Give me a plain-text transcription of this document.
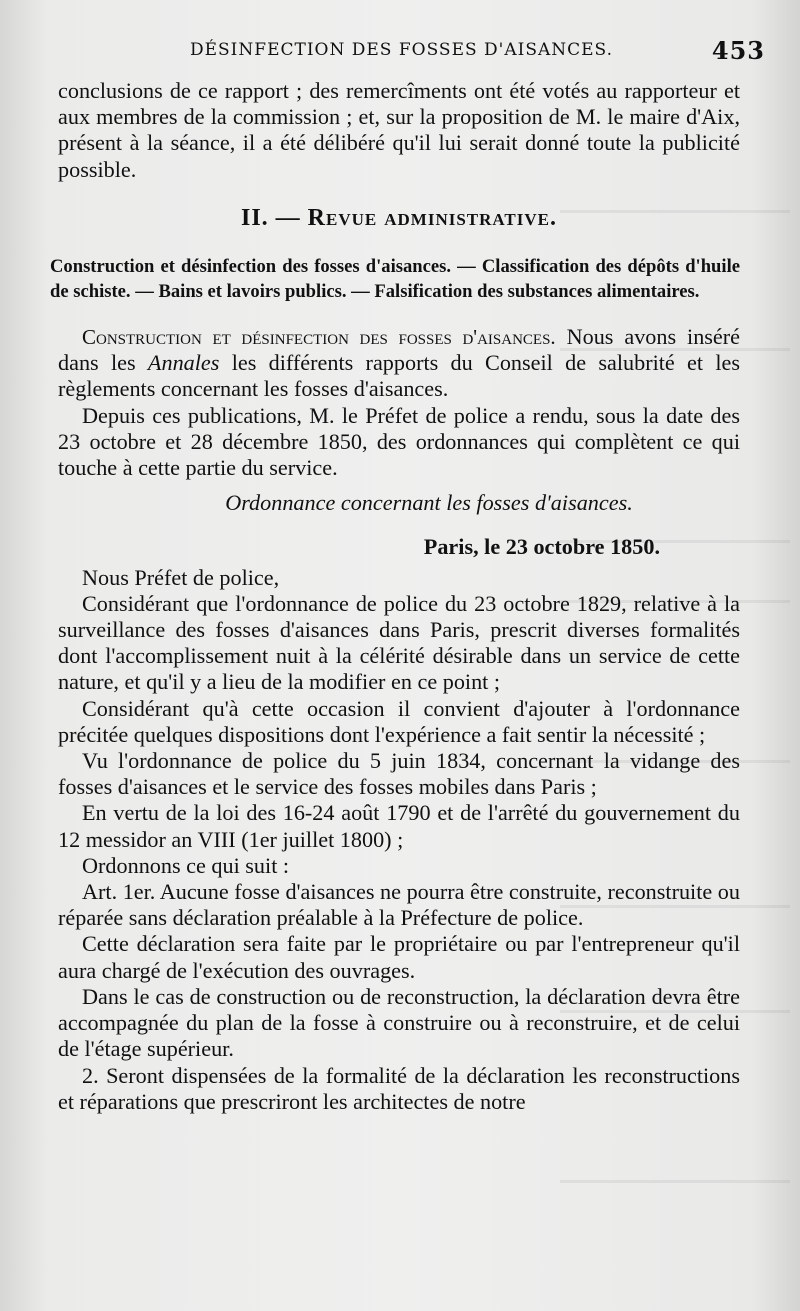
DÉSINFECTION DES FOSSES D'AISANCES.	453

conclusions de ce rapport ; des remercîments ont été votés au rapporteur et aux membres de la commission ; et, sur la proposition de M. le maire d'Aix, présent à la séance, il a été délibéré qu'il lui serait donné toute la publicité possible.

II. — Revue administrative.

Construction et désinfection des fosses d'aisances. — Classification des dépôts d'huile de schiste. — Bains et lavoirs publics. — Falsification des substances alimentaires.

Construction et désinfection des fosses d'aisances. Nous avons inséré dans les Annales les différents rapports du Conseil de salubrité et les règlements concernant les fosses d'aisances.

Depuis ces publications, M. le Préfet de police a rendu, sous la date des 23 octobre et 28 décembre 1850, des ordonnances qui complètent ce qui touche à cette partie du service.

Ordonnance concernant les fosses d'aisances.

Paris, le 23 octobre 1850.

Nous Préfet de police,

Considérant que l'ordonnance de police du 23 octobre 1829, relative à la surveillance des fosses d'aisances dans Paris, prescrit diverses formalités dont l'accomplissement nuit à la célérité désirable dans un service de cette nature, et qu'il y a lieu de la modifier en ce point ;

Considérant qu'à cette occasion il convient d'ajouter à l'ordonnance précitée quelques dispositions dont l'expérience a fait sentir la nécessité ;

Vu l'ordonnance de police du 5 juin 1834, concernant la vidange des fosses d'aisances et le service des fosses mobiles dans Paris ;

En vertu de la loi des 16-24 août 1790 et de l'arrêté du gouvernement du 12 messidor an VIII (1er juillet 1800) ;

Ordonnons ce qui suit :

Art. 1er. Aucune fosse d'aisances ne pourra être construite, reconstruite ou réparée sans déclaration préalable à la Préfecture de police.

Cette déclaration sera faite par le propriétaire ou par l'entrepreneur qu'il aura chargé de l'exécution des ouvrages.

Dans le cas de construction ou de reconstruction, la déclaration devra être accompagnée du plan de la fosse à construire ou à reconstruire, et de celui de l'étage supérieur.

2. Seront dispensées de la formalité de la déclaration les reconstructions et réparations que prescriront les architectes de notre
